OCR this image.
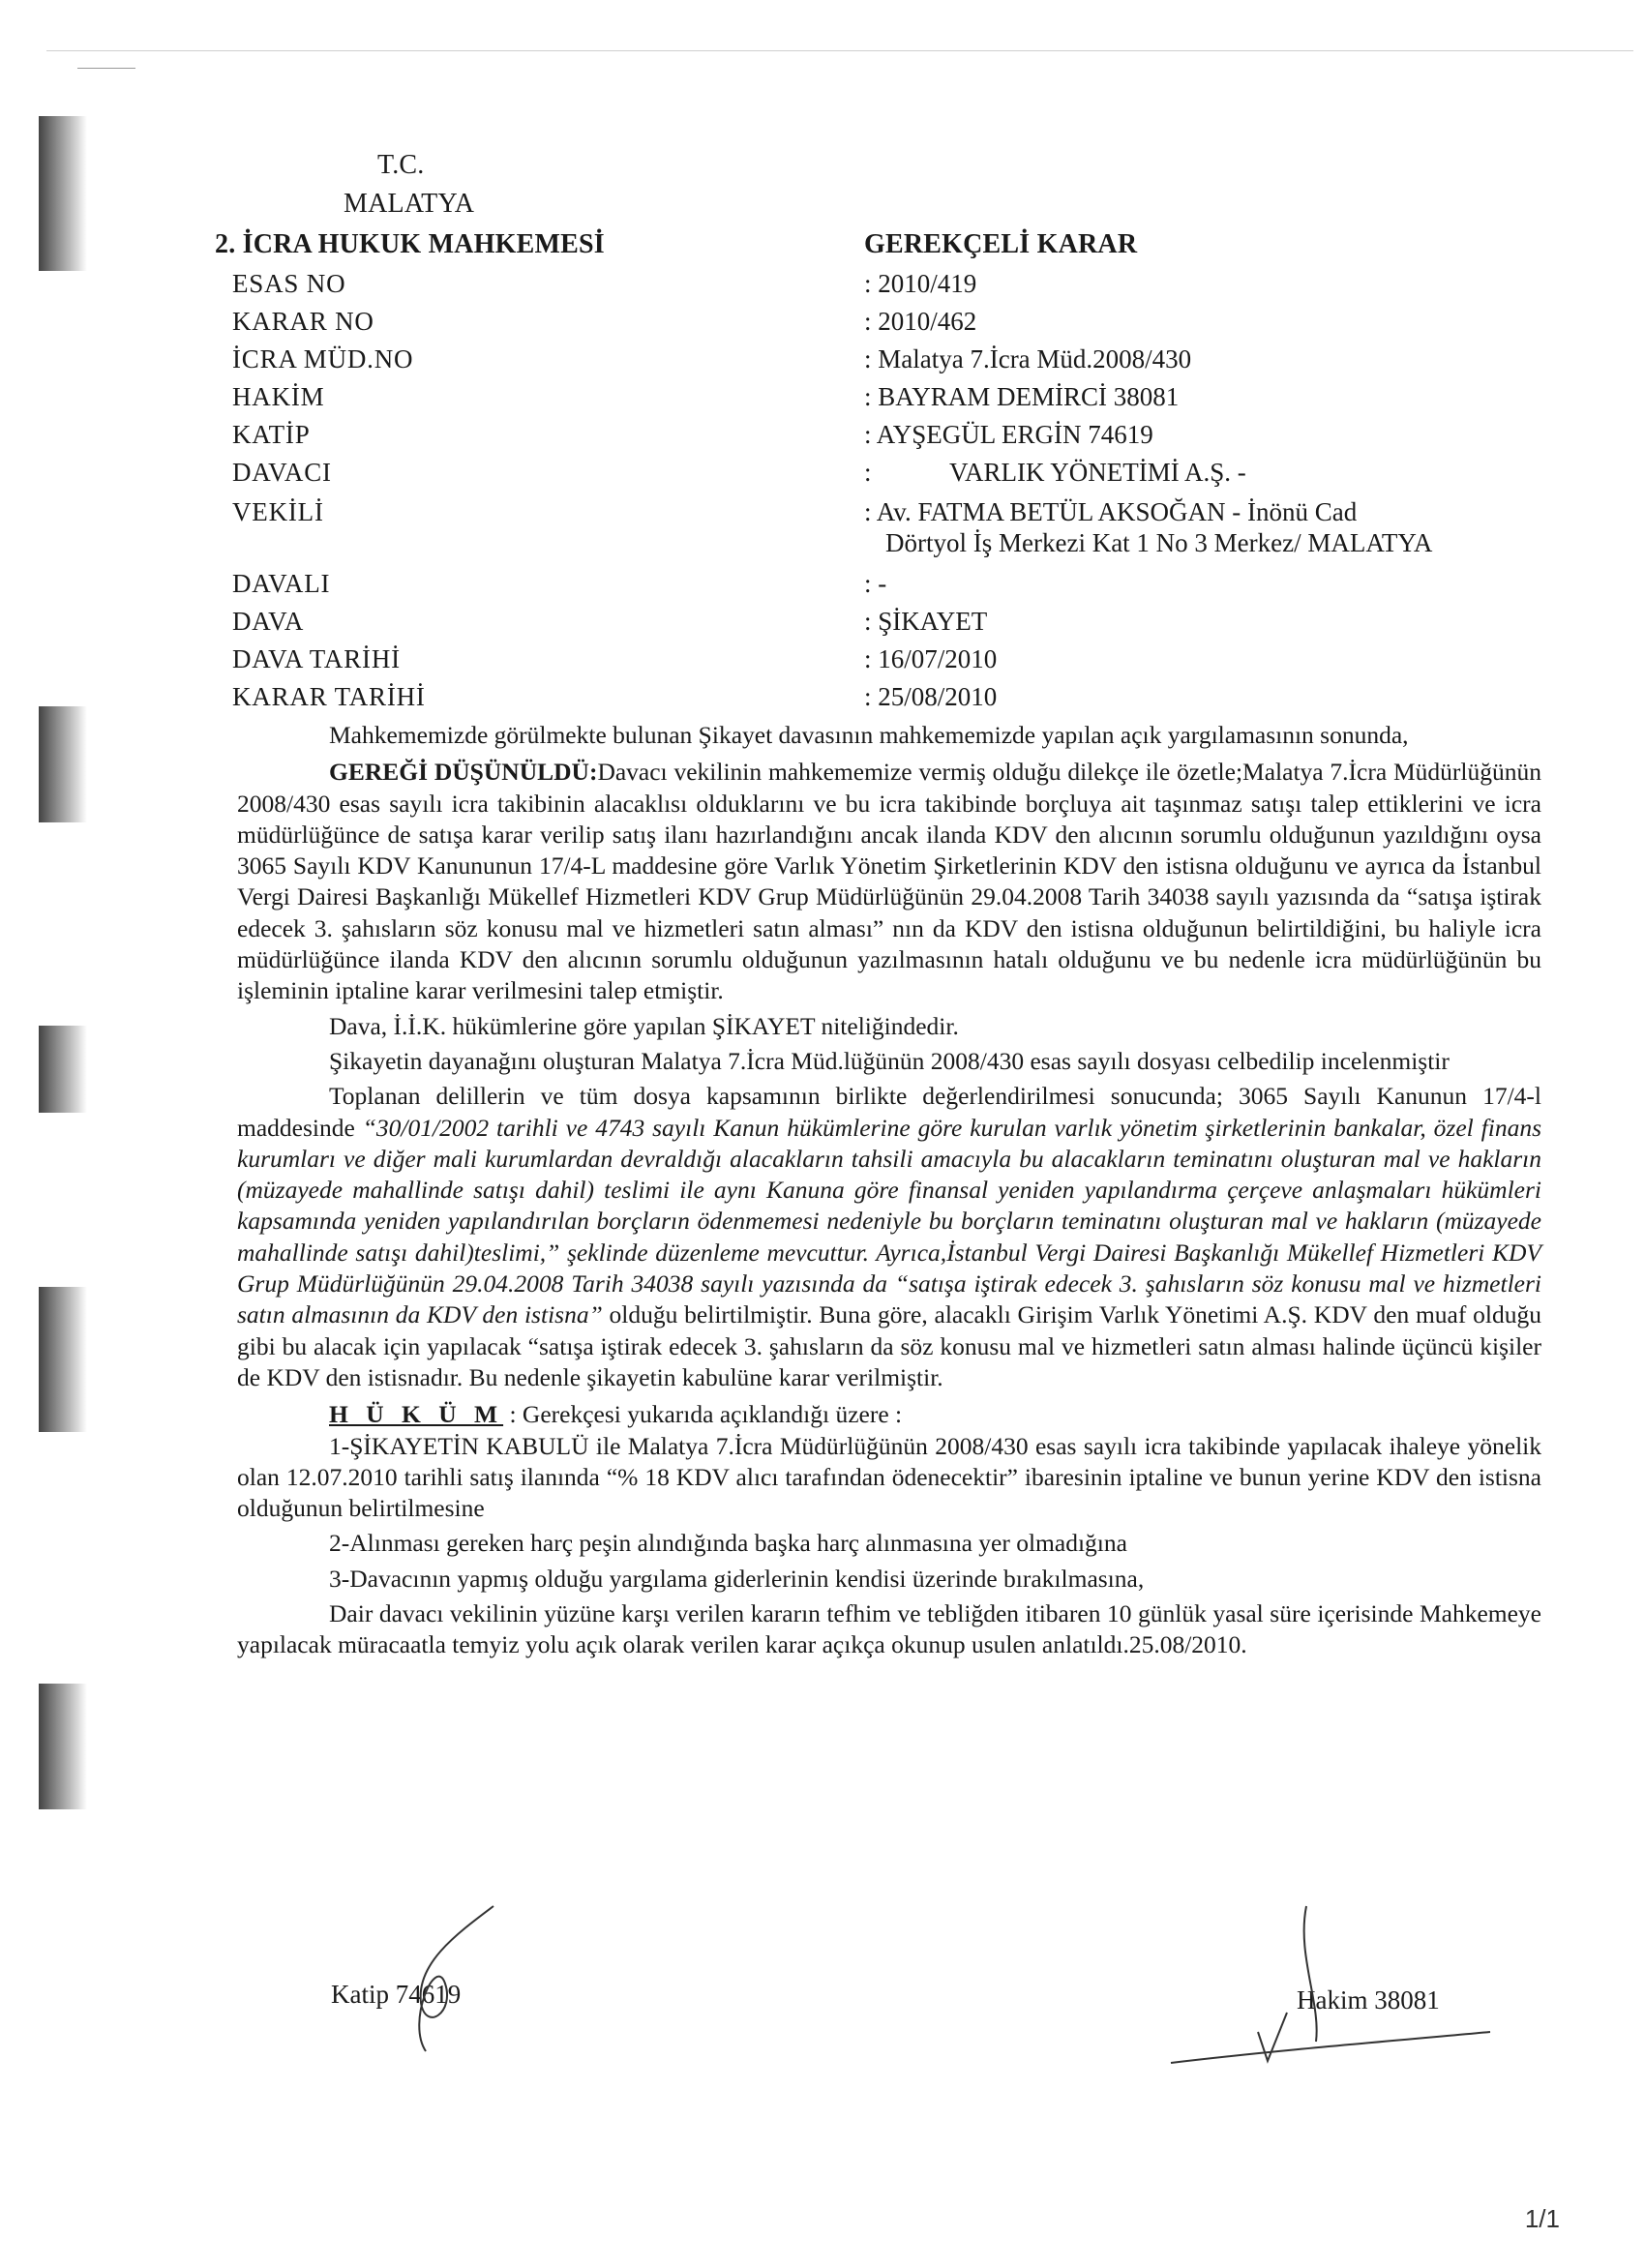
T.C.
MALATYA
2. İCRA HUKUK MAHKEMESİ	GEREKÇELİ KARAR
ESAS NO	: 2010/419
KARAR NO	: 2010/462
İCRA MÜD.NO	: Malatya 7.İcra Müd.2008/430
HAKİM	: BAYRAM DEMİRCİ 38081
KATİP	: AYŞEGÜL ERGİN 74619
DAVACI	:            VARLIK YÖNETİMİ A.Ş. -
VEKİLİ	: Av. FATMA BETÜL AKSOĞAN - İnönü Cad
Dörtyol İş Merkezi Kat 1 No 3 Merkez/ MALATYA
DAVALI	: -
DAVA	: ŞİKAYET
DAVA TARİHİ	: 16/07/2010
KARAR TARİHİ	: 25/08/2010

Mahkememizde görülmekte bulunan Şikayet davasının mahkememizde yapılan açık yargılamasının sonunda,

GEREĞİ DÜŞÜNÜLDÜ:Davacı vekilinin mahkememize vermiş olduğu dilekçe ile özetle;Malatya 7.İcra Müdürlüğünün 2008/430 esas sayılı icra takibinin alacaklısı olduklarını ve bu icra takibinde borçluya ait taşınmaz satışı talep ettiklerini ve icra müdürlüğünce de satışa karar verilip satış ilanı hazırlandığını ancak ilanda KDV den alıcının sorumlu olduğunun yazıldığını oysa 3065 Sayılı KDV Kanununun 17/4-L maddesine göre Varlık Yönetim Şirketlerinin KDV den istisna olduğunu ve ayrıca da İstanbul Vergi Dairesi Başkanlığı Mükellef Hizmetleri KDV Grup Müdürlüğünün 29.04.2008 Tarih 34038 sayılı yazısında da “satışa iştirak edecek 3. şahısların söz konusu mal ve hizmetleri satın alması” nın da KDV den istisna olduğunun belirtildiğini, bu haliyle icra müdürlüğünce ilanda KDV den alıcının sorumlu olduğunun yazılmasının hatalı olduğunu ve bu nedenle icra müdürlüğünün bu işleminin iptaline karar verilmesini talep etmiştir.

Dava, İ.İ.K. hükümlerine göre yapılan ŞİKAYET niteliğindedir.

Şikayetin dayanağını oluşturan Malatya 7.İcra Müd.lüğünün 2008/430 esas sayılı dosyası celbedilip incelenmiştir

Toplanan delillerin ve tüm dosya kapsamının birlikte değerlendirilmesi sonucunda; 3065 Sayılı Kanunun 17/4-l maddesinde “30/01/2002 tarihli ve 4743 sayılı Kanun hükümlerine göre kurulan varlık yönetim şirketlerinin bankalar, özel finans kurumları ve diğer mali kurumlardan devraldığı alacakların tahsili amacıyla bu alacakların teminatını oluşturan mal ve hakların (müzayede mahallinde satışı dahil) teslimi ile aynı Kanuna göre finansal yeniden yapılandırma çerçeve anlaşmaları hükümleri kapsamında yeniden yapılandırılan borçların ödenmemesi nedeniyle bu borçların teminatını oluşturan mal ve hakların (müzayede mahallinde satışı dahil)teslimi,” şeklinde düzenleme mevcuttur. Ayrıca,İstanbul Vergi Dairesi Başkanlığı Mükellef Hizmetleri KDV Grup Müdürlüğünün 29.04.2008 Tarih 34038 sayılı yazısında da “satışa iştirak edecek 3. şahısların söz konusu mal ve hizmetleri satın almasının da KDV den istisna” olduğu belirtilmiştir. Buna göre, alacaklı Girişim Varlık Yönetimi A.Ş. KDV den muaf olduğu gibi bu alacak için yapılacak “satışa iştirak edecek 3. şahısların da söz konusu mal ve hizmetleri satın alması halinde üçüncü kişiler de KDV den istisnadır. Bu nedenle şikayetin kabulüne karar verilmiştir.

H Ü K Ü M : Gerekçesi yukarıda açıklandığı üzere :

1-ŞİKAYETİN KABULÜ ile Malatya 7.İcra Müdürlüğünün 2008/430 esas sayılı icra takibinde yapılacak ihaleye yönelik olan 12.07.2010 tarihli satış ilanında “% 18 KDV alıcı tarafından ödenecektir” ibaresinin iptaline ve bunun yerine KDV den istisna olduğunun belirtilmesine

2-Alınması gereken harç peşin alındığında başka harç alınmasına yer olmadığına

3-Davacının yapmış olduğu yargılama giderlerinin kendisi üzerinde bırakılmasına,

Dair davacı vekilinin yüzüne karşı verilen kararın tefhim ve tebliğden itibaren 10 günlük yasal süre içerisinde Mahkemeye yapılacak müracaatla temyiz yolu açık olarak verilen karar açıkça okunup usulen anlatıldı.25.08/2010.

Katip 74619	Hakim 38081
1/1
